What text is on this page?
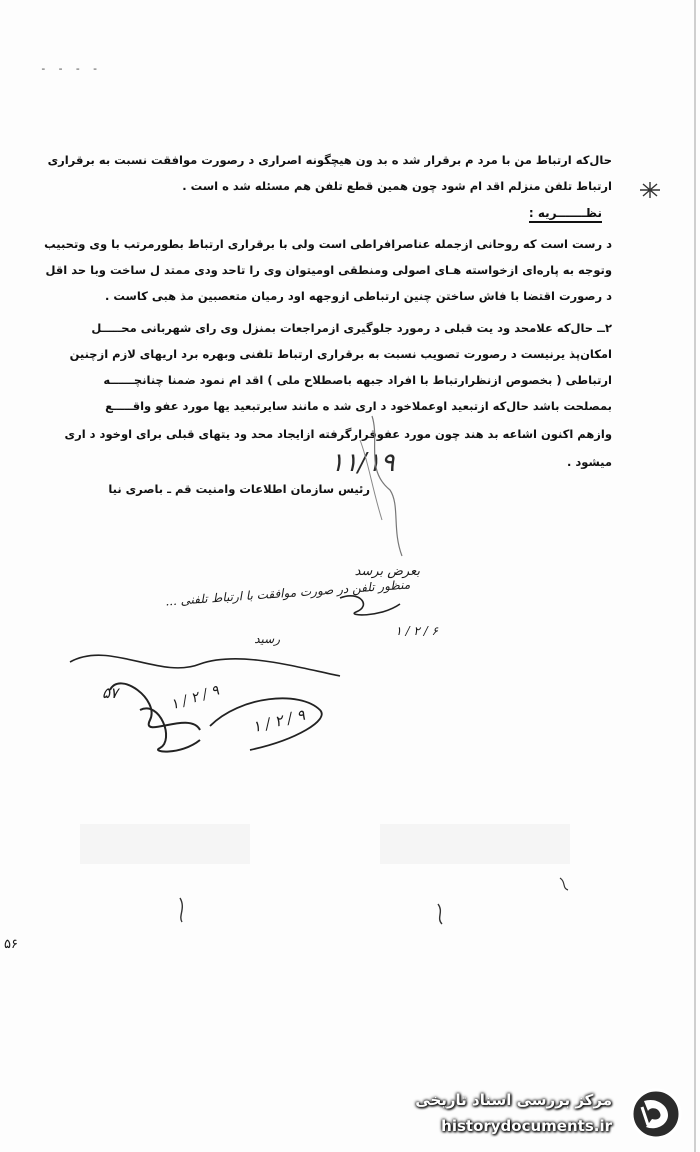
- - - -
حال‌که ارتباط من با مرد م برقرار شد ه بد ون هیچگونه اصراری د رصورت موافقت نسبت به برقراری
ارتباط تلفن منزلم اقد ام شود چون همین قطع تلفن هم مسئله شد ه است .
نظـــــــریه :
د رست است که روحانی ازجمله عناصرافراطی است ولی با برقراری ارتباط بطورمرتب با وی وتحبیب
وتوجه به پاره‌ای ازخواسته هـای اصولی ومنطقی اومیتوان وی را تاحد ودی ممتد ل ساخت وبا حد اقل
د رصورت اقتضا با فاش ساختن چنین ارتباطی ازوجهه اود رمیان متعصبین مذ هبی کاست .
۲ــ حال‌که علامحد ود یت قبلی د رمورد جلوگیری ازمراجعات بمنزل وی رای شهربانی محـــــل
امکان‌پذ یرنیست د رصورت تصویب نسبت به برقراری ارتباط تلفنی وبهره برد اریهای لازم ازچنین
ارتباطی ( بخصوص ازنظرارتباط با افراد جبهه باصطلاح ملی ) اقد ام نمود ضمنا چنانچــــــه
بمصلحت باشد حال‌که ازتبعید اوعملاخود د اری شد ه مانند سایرتبعید یها مورد عفو واقـــــع
وازهم اکنون اشاعه بد هند چون مورد عفوقرارگرفته ازایجاد محد ود یتهای قبلی برای اوخود د اری
میشود .
رئیس سازمان اطلاعات وامنیت قم ـ باصری نیا
بعرض برسد
۱۱/۱۹
منظور تلفن در صورت موافقت با ارتباط تلفنی ...
۶ / ۲ / ۱
رسید
۵۷
۹ / ۲ / ۱
۹ / ۲ / ۱
۵۶
مرکز بررسی اسناد تاریخی
historydocuments.ir
